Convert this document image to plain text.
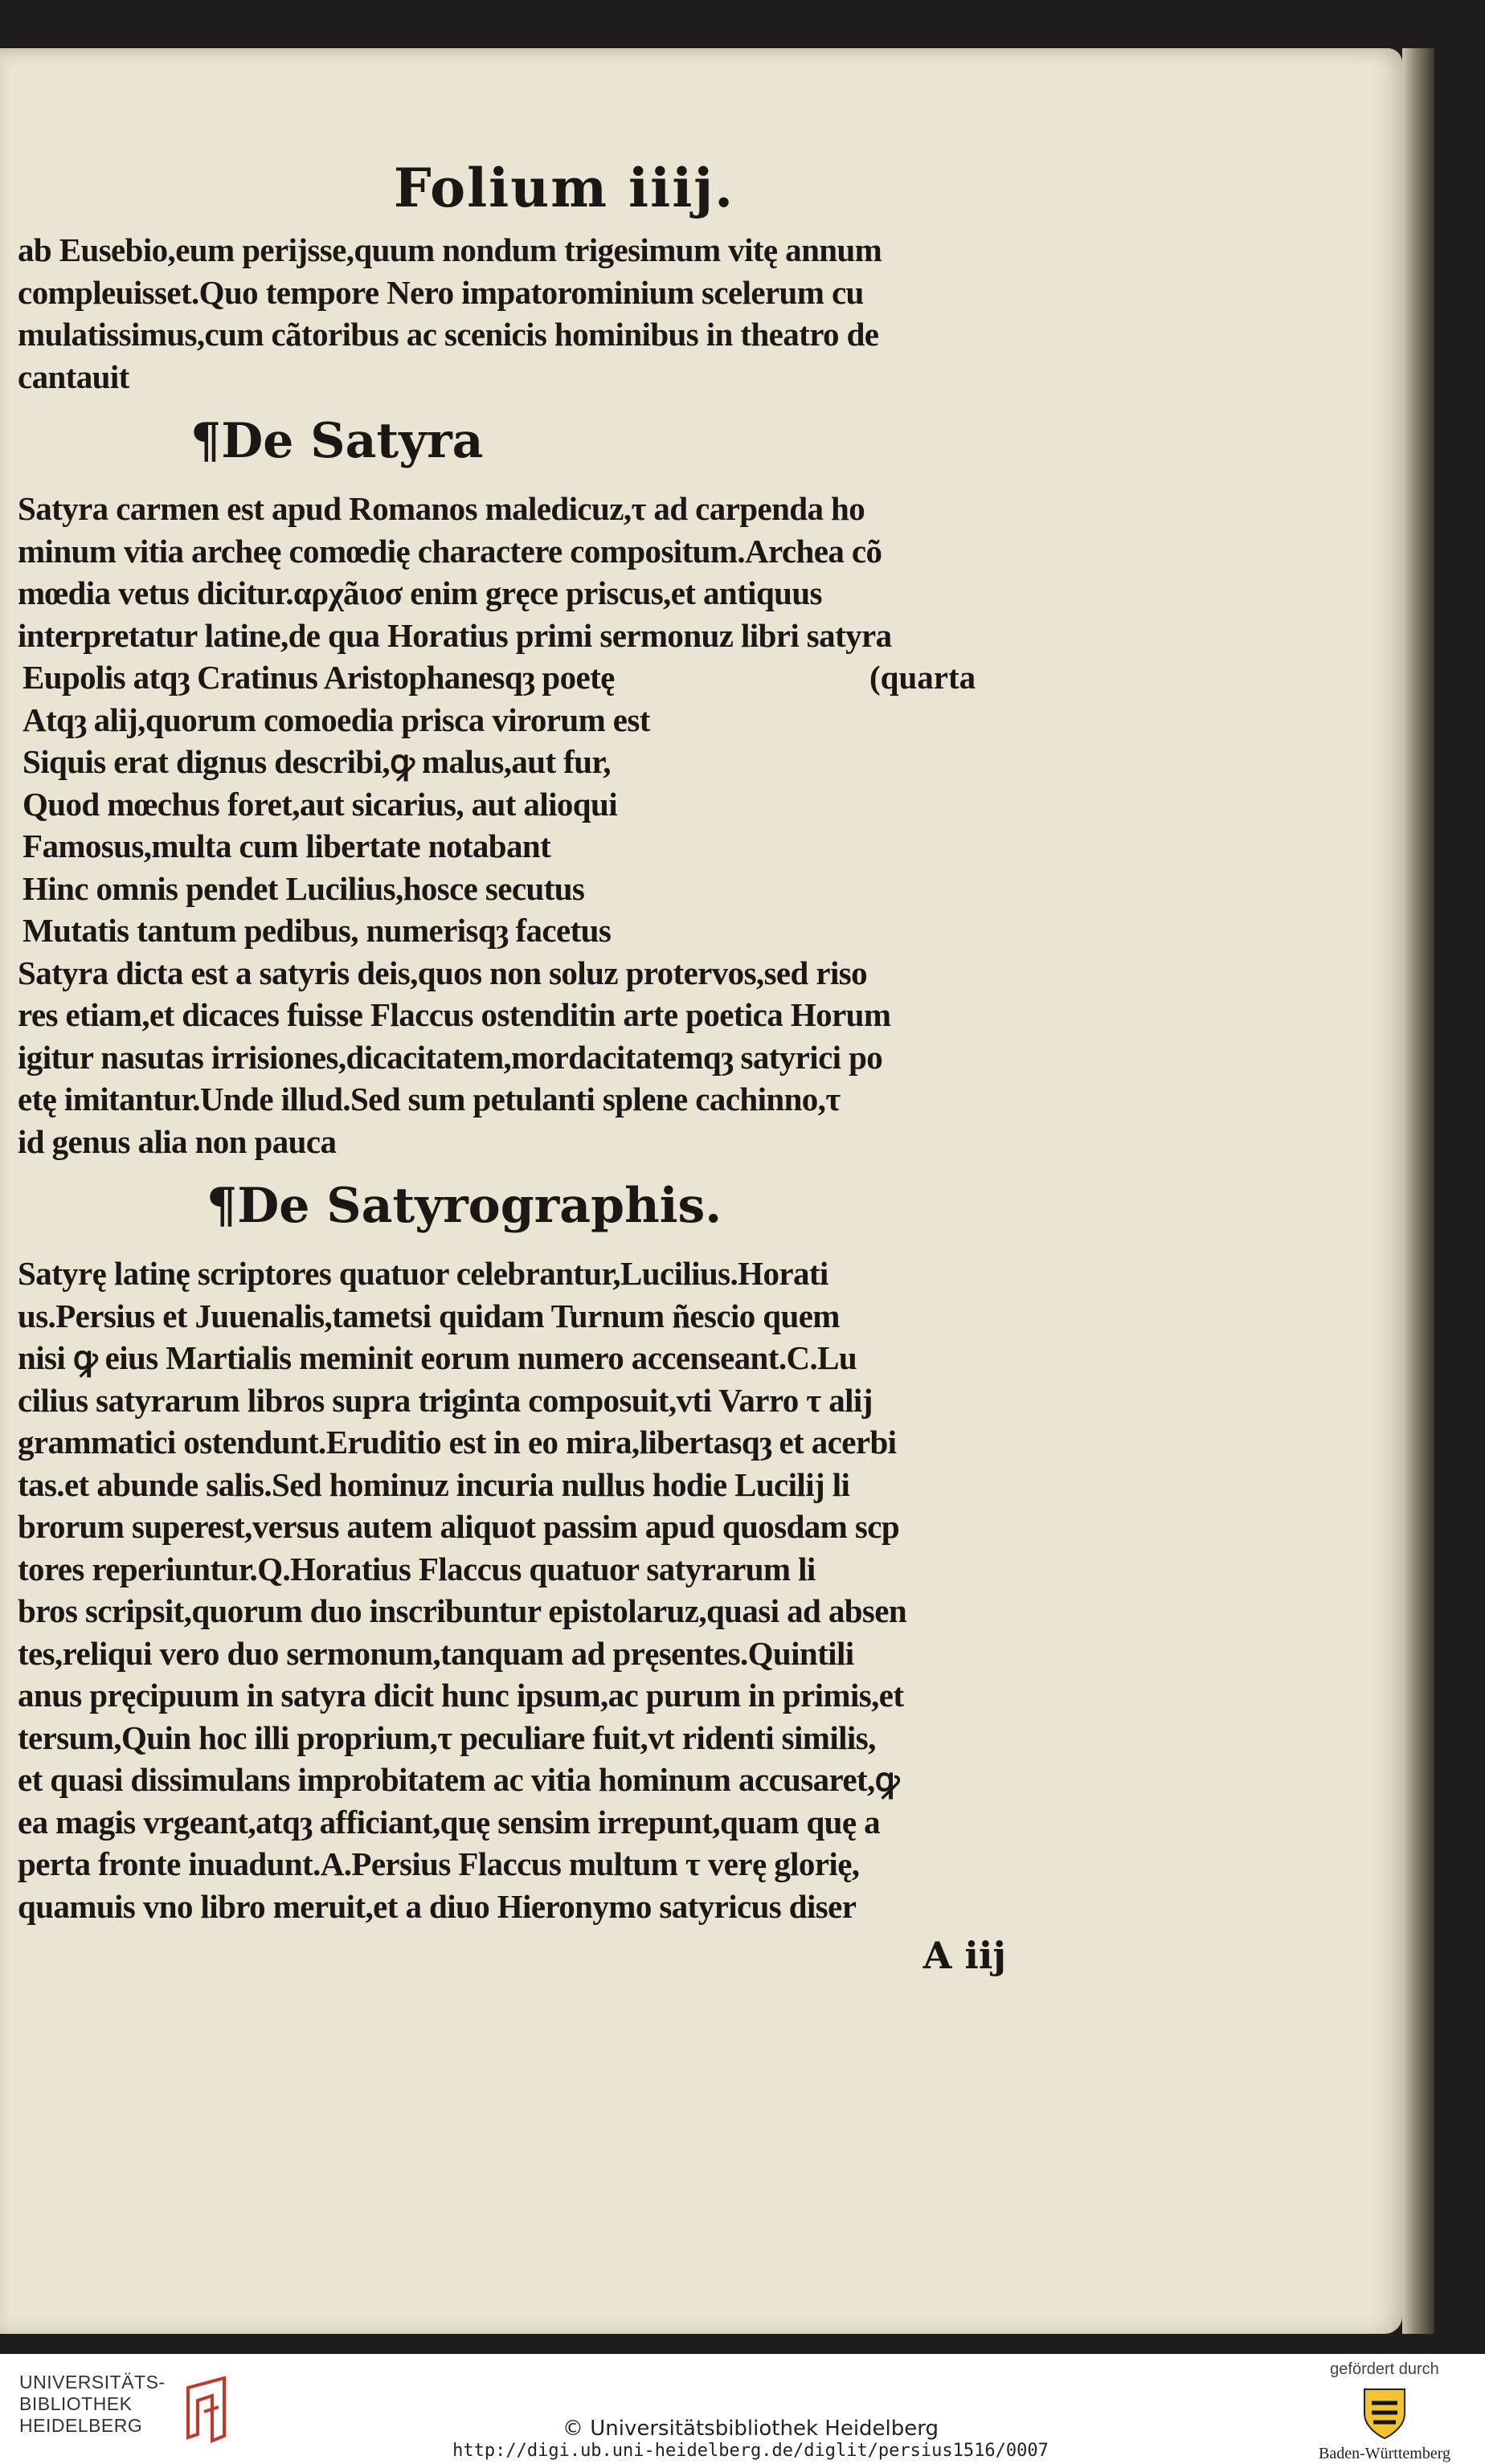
Folium iiij.
ab Eusebio,eum perijsse,quum nondum trigesimum vitę annum
compleuisset.Quo tempore Nero impatorominium scelerum cu
mulatissimus,cum cãtoribus ac scenicis hominibus in theatro de
cantauit
¶De Satyra
Satyra carmen est apud Romanos maledicuz,τ ad carpenda ho
minum vitia archeę comœdię charactere compositum.Archea cõ
mœdia vetus dicitur.αρχãιοσ enim gręce priscus,et antiquus
interpretatur latine,de qua Horatius primi sermonuz libri satyra
(quarta
Eupolis atqȝ Cratinus Aristophanesqȝ poetę
Atqȝ alij,quorum comoedia prisca virorum est
Siquis erat dignus describi,ꝙ malus,aut fur,
Quod mœchus foret,aut sicarius, aut alioqui
Famosus,multa cum libertate notabant
Hinc omnis pendet Lucilius,hosce secutus
Mutatis tantum pedibus, numerisqȝ facetus
Satyra dicta est a satyris deis,quos non soluz protervos,sed riso
res etiam,et dicaces fuisse Flaccus ostenditin arte poetica Horum
igitur nasutas irrisiones,dicacitatem,mordacitatemqȝ satyrici po
etę imitantur.Unde illud.Sed sum petulanti splene cachinno,τ
id genus alia non pauca
¶De Satyrographis.
Satyrę latinę scriptores quatuor celebrantur,Lucilius.Horati
us.Persius et Juuenalis,tametsi quidam Turnum ñescio quem
nisi ꝙ eius Martialis meminit eorum numero accenseant.C.Lu
cilius satyrarum libros supra triginta composuit,vti Varro τ alij
grammatici ostendunt.Eruditio est in eo mira,libertasqȝ et acerbi
tas.et abunde salis.Sed hominuz incuria nullus hodie Lucilij li
brorum superest,versus autem aliquot passim apud quosdam scp
tores reperiuntur.Q.Horatius Flaccus quatuor satyrarum li
bros scripsit,quorum duo inscribuntur epistolaruz,quasi ad absen
tes,reliqui vero duo sermonum,tanquam ad pręsentes.Quintili
anus pręcipuum in satyra dicit hunc ipsum,ac purum in primis,et
tersum,Quin hoc illi proprium,τ peculiare fuit,vt ridenti similis,
et quasi dissimulans improbitatem ac vitia hominum accusaret,ꝙ
ea magis vrgeant,atqȝ afficiant,quę sensim irrepunt,quam quę a
perta fronte inuadunt.A.Persius Flaccus multum τ verę glorię,
quamuis vno libro meruit,et a diuo Hieronymo satyricus diser
A iij
UNIVERSITÄTS-
BIBLIOTHEK
HEIDELBERG	© Universitätsbibliothek Heidelberg
http://digi.ub.uni-heidelberg.de/diglit/persius1516/0007
gefördert durch
Baden-Württemberg
